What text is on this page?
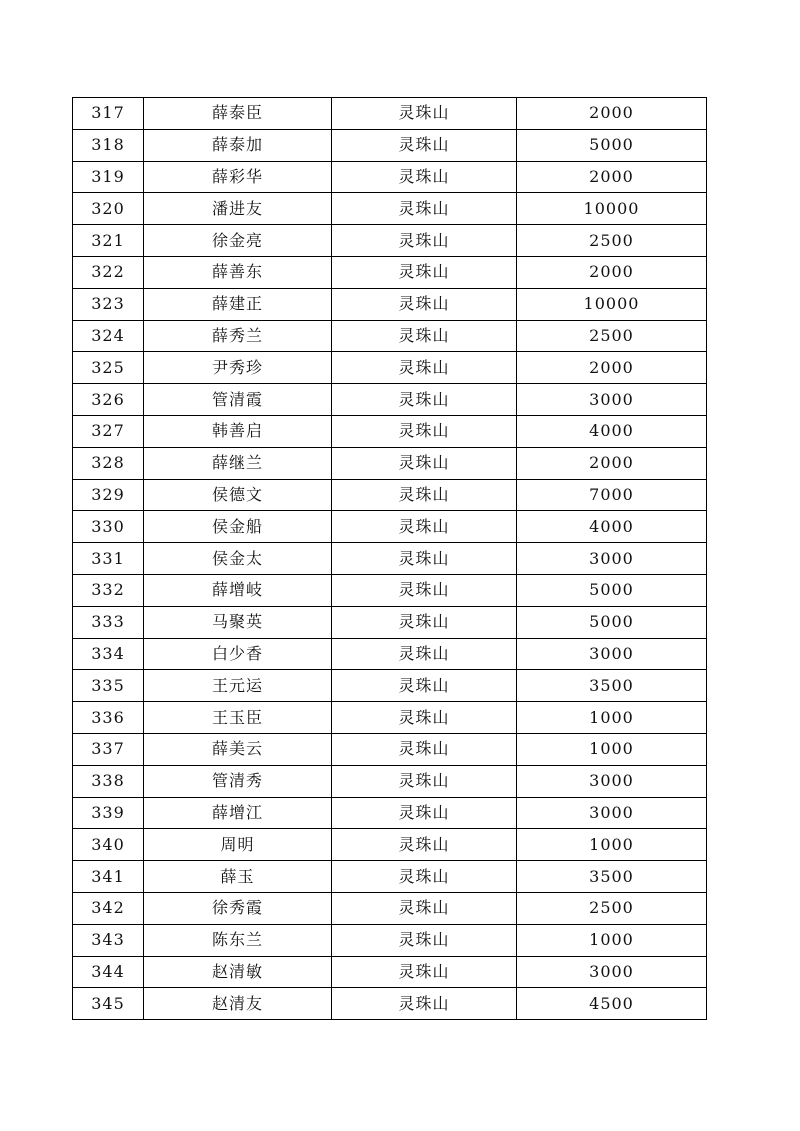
317	薛泰臣	灵珠山	2000
318	薛泰加	灵珠山	5000
319	薛彩华	灵珠山	2000
320	潘进友	灵珠山	10000
321	徐金亮	灵珠山	2500
322	薛善东	灵珠山	2000
323	薛建正	灵珠山	10000
324	薛秀兰	灵珠山	2500
325	尹秀珍	灵珠山	2000
326	管清霞	灵珠山	3000
327	韩善启	灵珠山	4000
328	薛继兰	灵珠山	2000
329	侯德文	灵珠山	7000
330	侯金船	灵珠山	4000
331	侯金太	灵珠山	3000
332	薛增岐	灵珠山	5000
333	马聚英	灵珠山	5000
334	白少香	灵珠山	3000
335	王元运	灵珠山	3500
336	王玉臣	灵珠山	1000
337	薛美云	灵珠山	1000
338	管清秀	灵珠山	3000
339	薛增江	灵珠山	3000
340	周明	灵珠山	1000
341	薛玉	灵珠山	3500
342	徐秀霞	灵珠山	2500
343	陈东兰	灵珠山	1000
344	赵清敏	灵珠山	3000
345	赵清友	灵珠山	4500
